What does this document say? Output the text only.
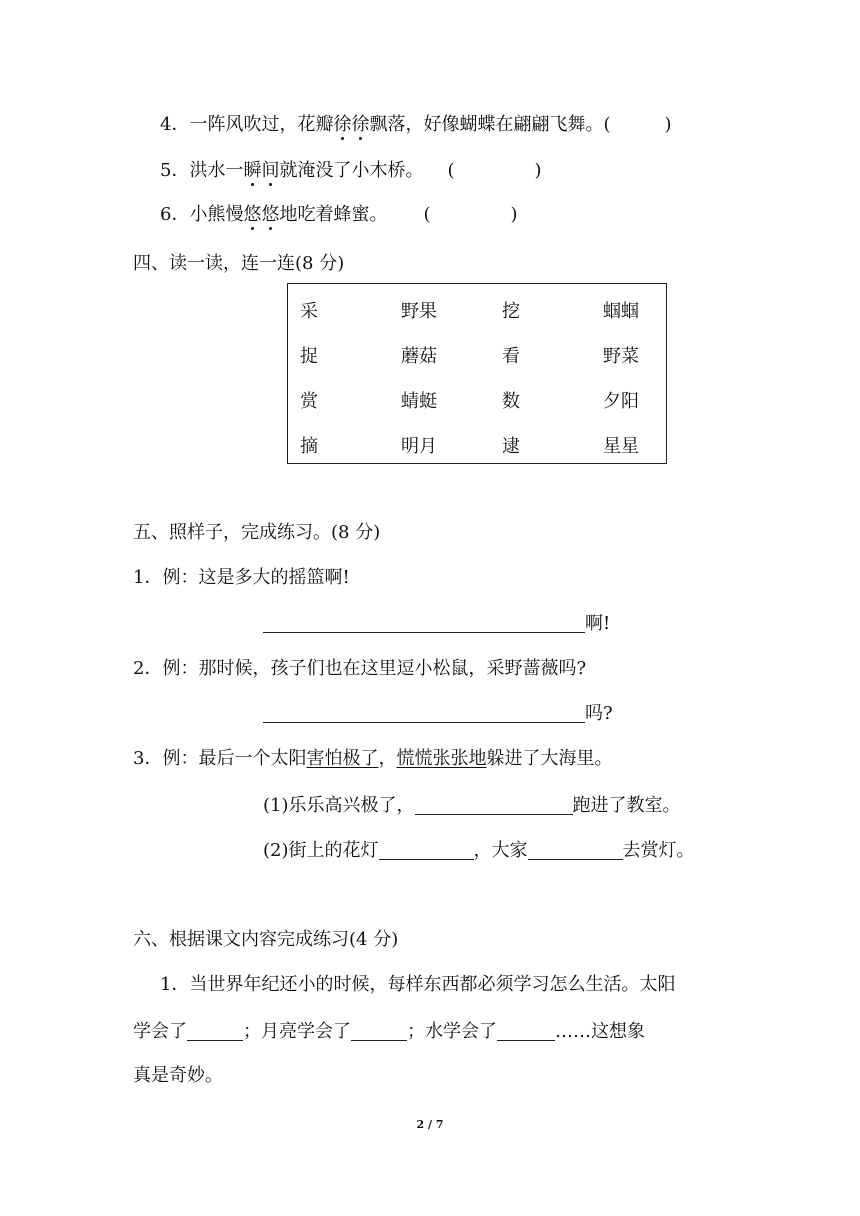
4．一阵风吹过，花瓣徐徐飘落，好像蝴蝶在翩翩飞舞。(	)
5．洪水一瞬间就淹没了小木桥。 (	)
6．小熊慢悠悠地吃着蜂蜜。 (	)
四、读一读，连一连(8 分)
采	野果	挖	蝈蝈
捉	蘑菇	看	野菜
赏	蜻蜓	数	夕阳
摘	明月	逮	星星
五、照样子，完成练习。(8 分)
1．例：这是多大的摇篮啊!
啊!
2．例：那时候，孩子们也在这里逗小松鼠，采野蔷薇吗?
吗?
3．例：最后一个太阳害怕极了，慌慌张张地躲进了大海里。
(1)乐乐高兴极了，	跑进了教室。
(2)街上的花灯	，大家	去赏灯。
六、根据课文内容完成练习(4 分)
1．当世界年纪还小的时候，每样东西都必须学习怎么生活。太阳
学会了	；月亮学会了	；水学会了	……这想象
真是奇妙。
2 / 7
